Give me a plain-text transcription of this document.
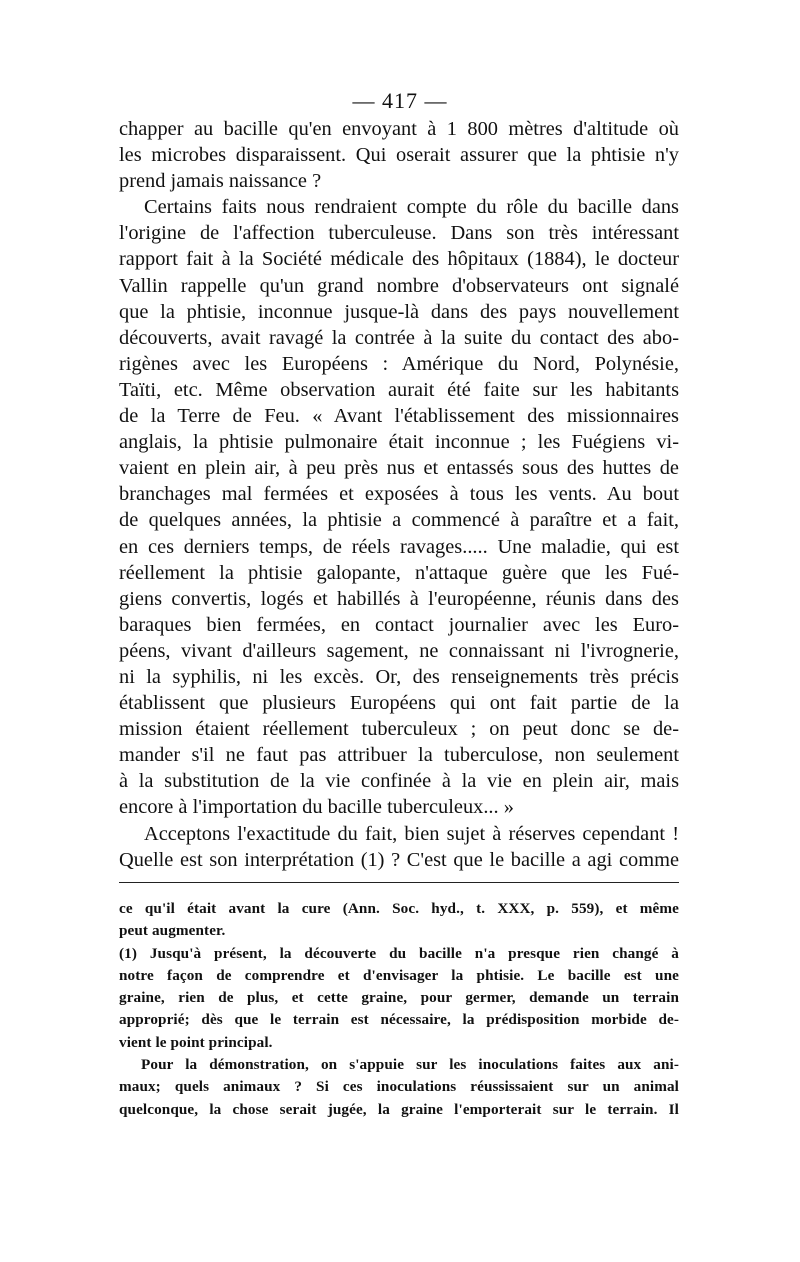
— 417 —
chapper au bacille qu'en envoyant à 1 800 mètres d'altitude où
les microbes disparaissent. Qui oserait assurer que la phtisie n'y
prend jamais naissance ?
Certains faits nous rendraient compte du rôle du bacille dans
l'origine de l'affection tuberculeuse. Dans son très intéressant
rapport fait à la Société médicale des hôpitaux (1884), le docteur
Vallin rappelle qu'un grand nombre d'observateurs ont signalé
que la phtisie, inconnue jusque-là dans des pays nouvellement
découverts, avait ravagé la contrée à la suite du contact des abo-
rigènes avec les Européens : Amérique du Nord, Polynésie,
Taïti, etc. Même observation aurait été faite sur les habitants
de la Terre de Feu. « Avant l'établissement des missionnaires
anglais, la phtisie pulmonaire était inconnue ; les Fuégiens vi-
vaient en plein air, à peu près nus et entassés sous des huttes de
branchages mal fermées et exposées à tous les vents. Au bout
de quelques années, la phtisie a commencé à paraître et a fait,
en ces derniers temps, de réels ravages..... Une maladie, qui est
réellement la phtisie galopante, n'attaque guère que les Fué-
giens convertis, logés et habillés à l'européenne, réunis dans des
baraques bien fermées, en contact journalier avec les Euro-
péens, vivant d'ailleurs sagement, ne connaissant ni l'ivrognerie,
ni la syphilis, ni les excès. Or, des renseignements très précis
établissent que plusieurs Européens qui ont fait partie de la
mission étaient réellement tuberculeux ; on peut donc se de-
mander s'il ne faut pas attribuer la tuberculose, non seulement
à la substitution de la vie confinée à la vie en plein air, mais
encore à l'importation du bacille tuberculeux... »
Acceptons l'exactitude du fait, bien sujet à réserves cependant !
Quelle est son interprétation (1) ? C'est que le bacille a agi comme
ce qu'il était avant la cure (Ann. Soc. hyd., t. XXX, p. 559), et même
peut augmenter.
(1) Jusqu'à présent, la découverte du bacille n'a presque rien changé à
notre façon de comprendre et d'envisager la phtisie. Le bacille est une
graine, rien de plus, et cette graine, pour germer, demande un terrain
approprié; dès que le terrain est nécessaire, la prédisposition morbide de-
vient le point principal.
Pour la démonstration, on s'appuie sur les inoculations faites aux ani-
maux; quels animaux ? Si ces inoculations réussissaient sur un animal
quelconque, la chose serait jugée, la graine l'emporterait sur le terrain. Il
